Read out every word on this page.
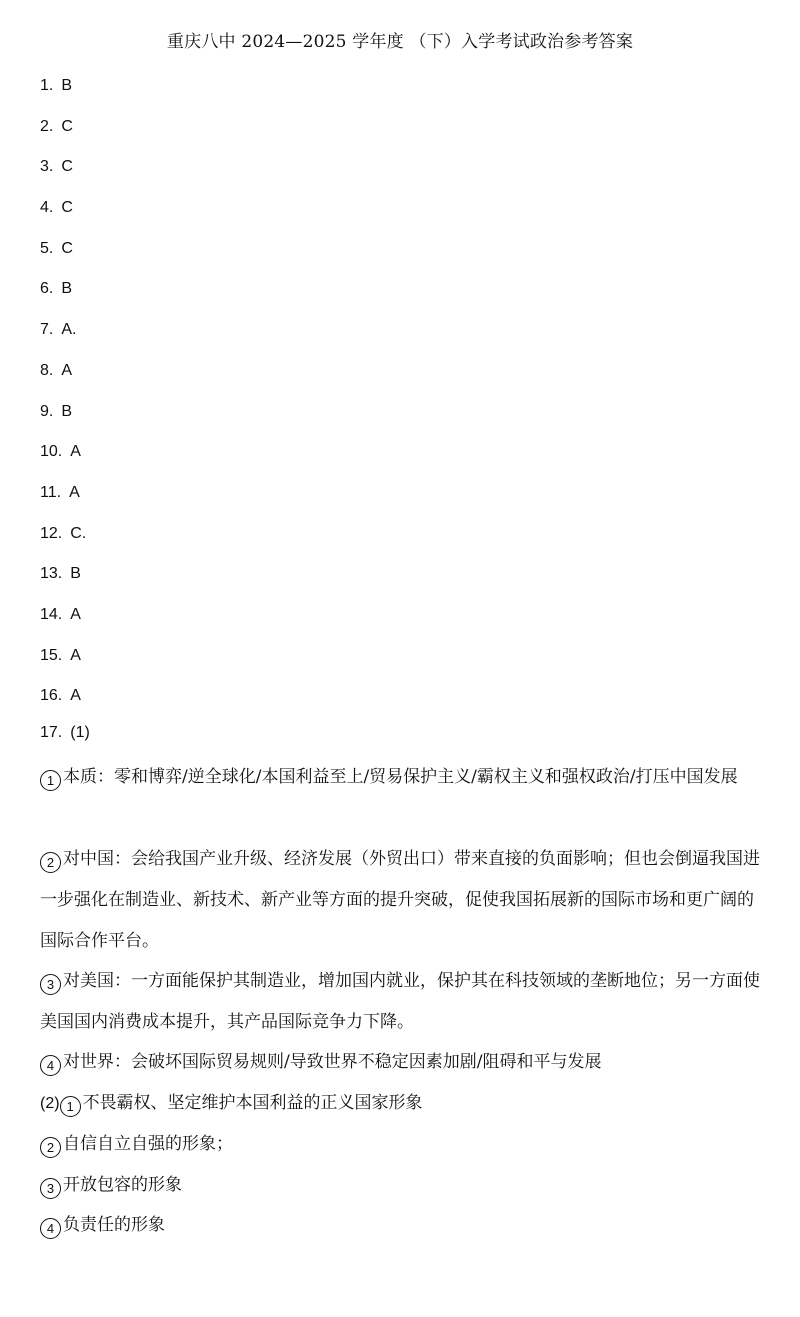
重庆八中 2024—2025 学年度 （下）入学考试政治参考答案
1. B
2. C
3. C
4. C
5. C
6. B
7. A.
8. A
9. B
10. A
11. A
12. C.
13. B
14. A
15. A
16. A
17. (1)

1 本质：零和博弈/逆全球化/本国利益至上/贸易保护主义/霸权主义和强权政治/打压中国发展

2 对中国：会给我国产业升级、经济发展（外贸出口）带来直接的负面影响；但也会倒逼我国进一步强化在制造业、新技术、新产业等方面的提升突破，促使我国拓展新的国际市场和更广阔的国际合作平台。

3 对美国：一方面能保护其制造业，增加国内就业，保护其在科技领域的垄断地位；另一方面使美国国内消费成本提升，其产品国际竞争力下降。

4 对世界：会破坏国际贸易规则/导致世界不稳定因素加剧/阻碍和平与发展

(2) 1 不畏霸权、坚定维护本国利益的正义国家形象

2 自信自立自强的形象；

3 开放包容的形象

4 负责任的形象
